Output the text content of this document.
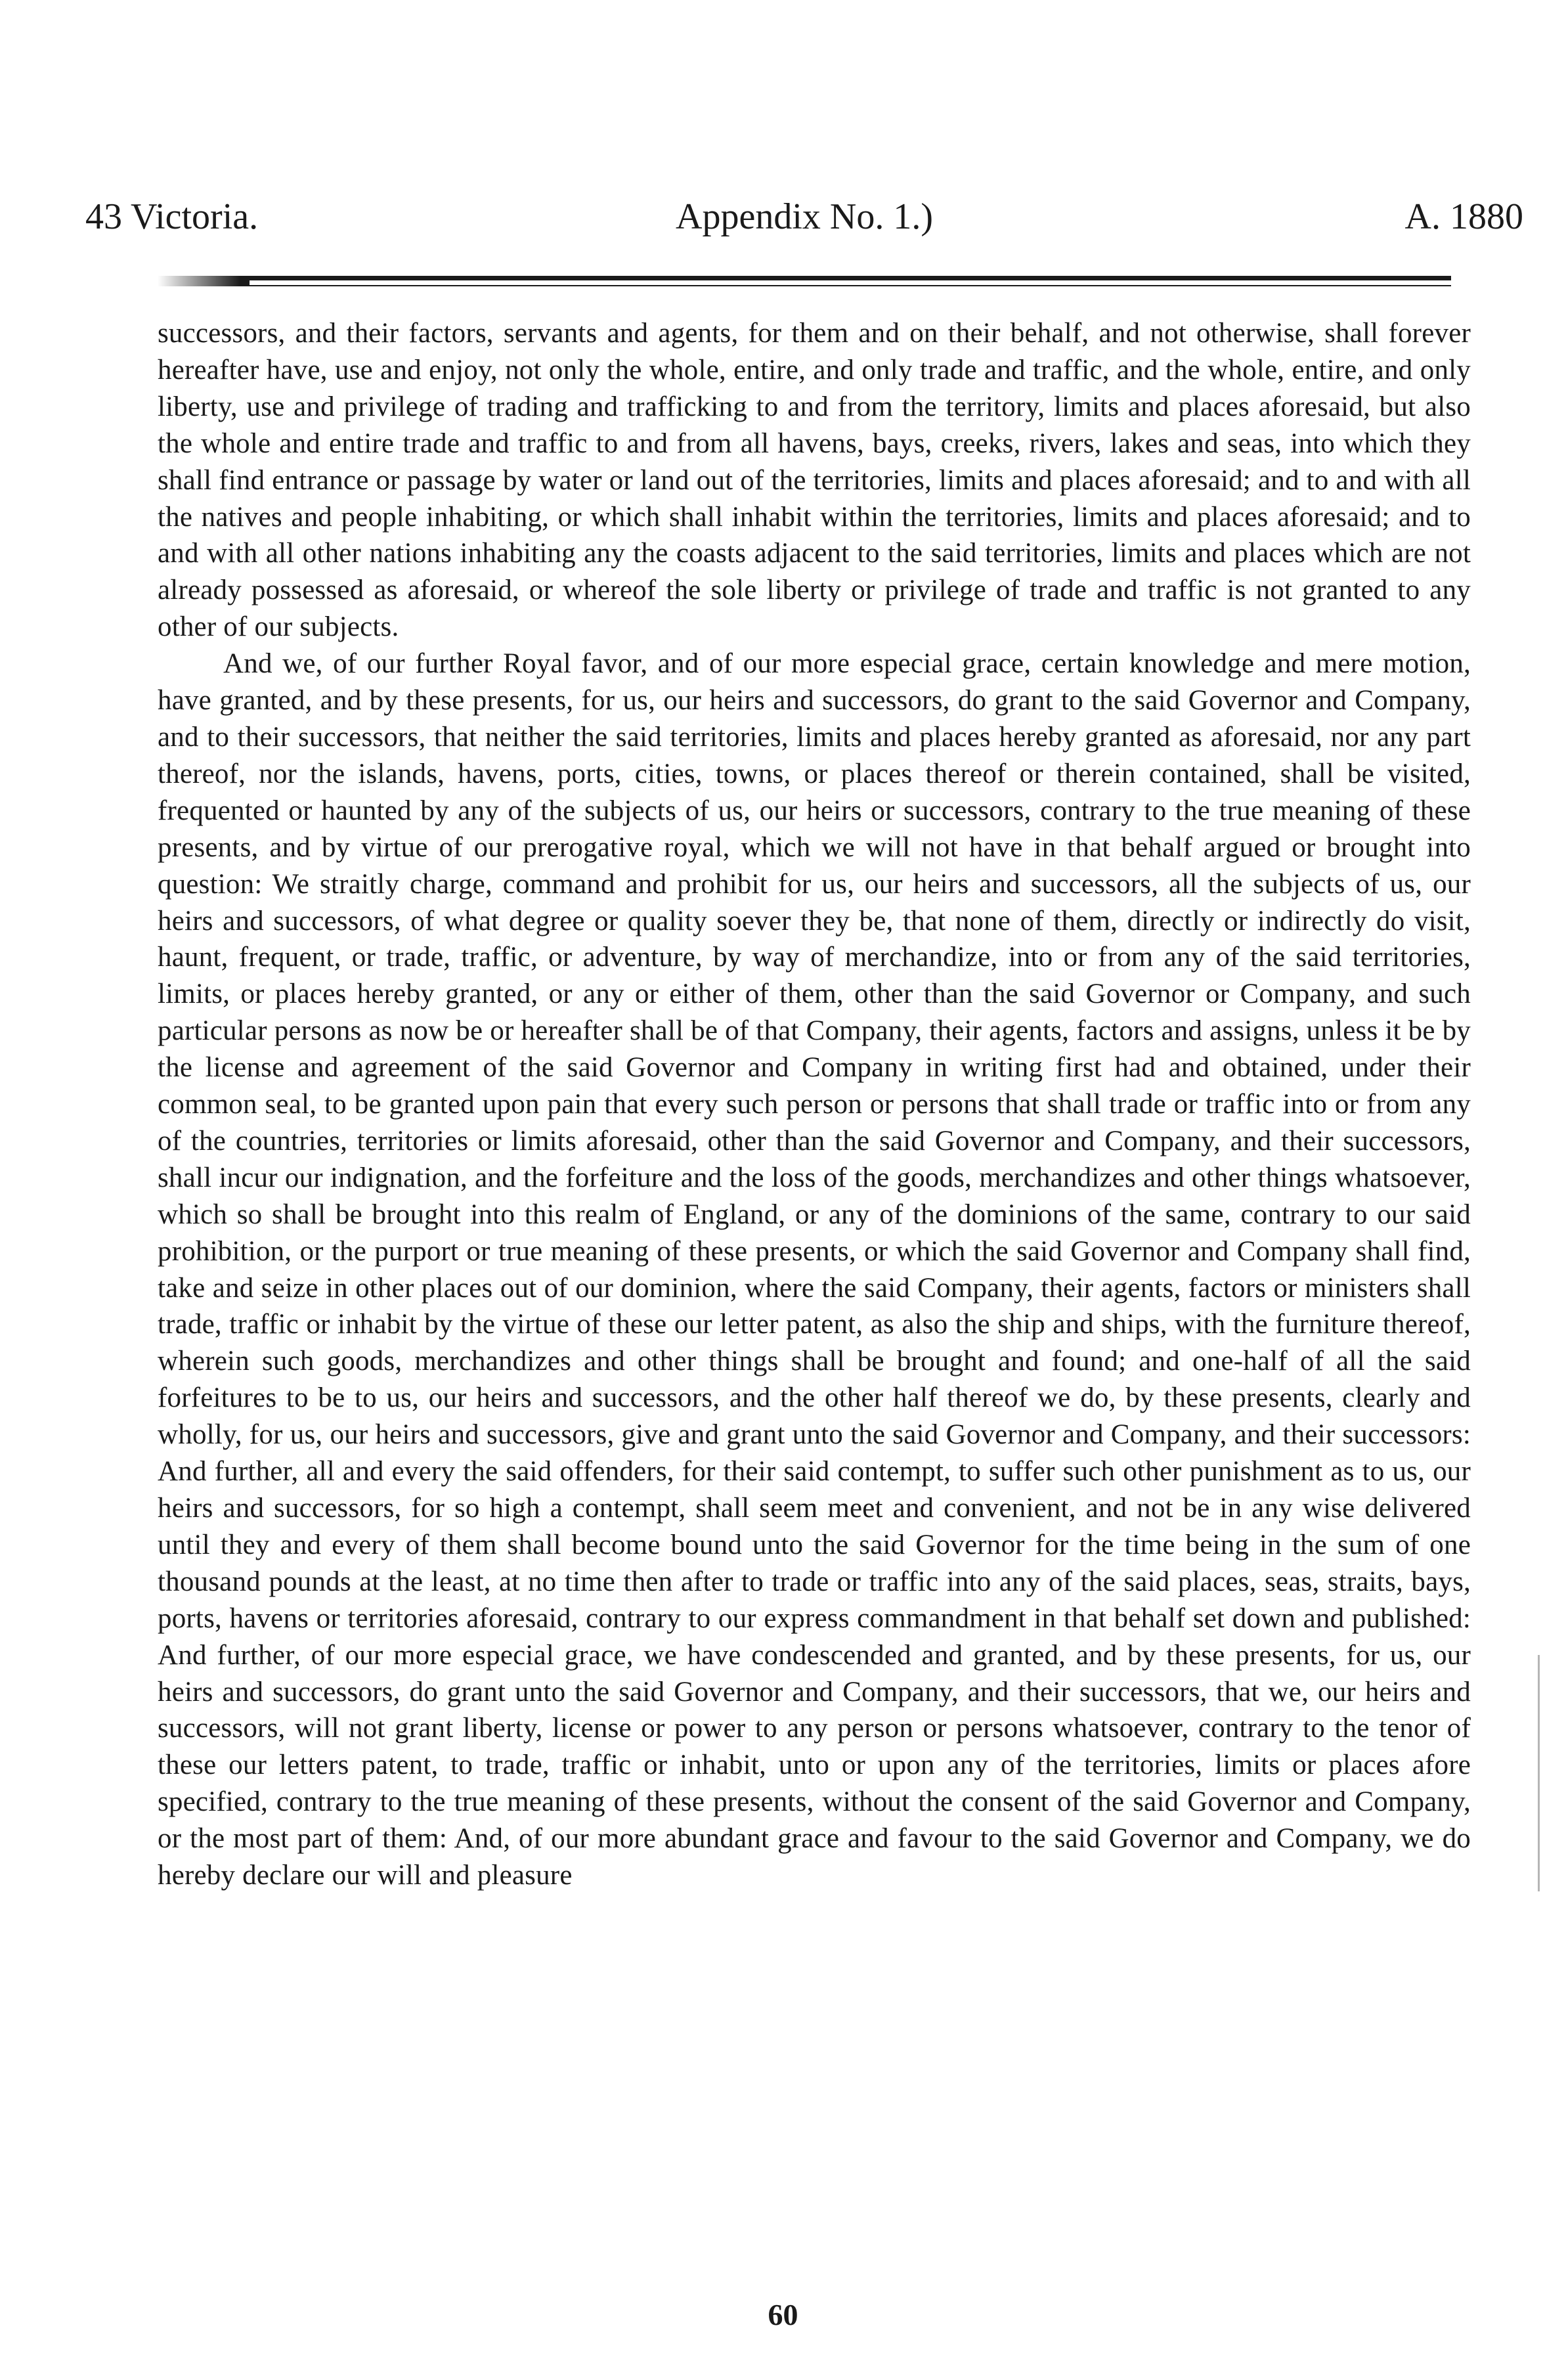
43 Victoria.	Appendix No. 1.)	A. 1880

successors, and their factors, servants and agents, for them and on their behalf, and not otherwise, shall forever hereafter have, use and enjoy, not only the whole, entire, and only trade and traffic, and the whole, entire, and only liberty, use and privilege of trading and trafficking to and from the territory, limits and places aforesaid, but also the whole and entire trade and traffic to and from all havens, bays, creeks, rivers, lakes and seas, into which they shall find entrance or passage by water or land out of the territories, limits and places aforesaid; and to and with all the natives and people inhabiting, or which shall inhabit within the territories, limits and places aforesaid; and to and with all other nations inhabiting any the coasts adjacent to the said territories, limits and places which are not already possessed as aforesaid, or whereof the sole liberty or privilege of trade and traffic is not granted to any other of our subjects.

And we, of our further Royal favor, and of our more especial grace, certain knowledge and mere motion, have granted, and by these presents, for us, our heirs and successors, do grant to the said Governor and Company, and to their successors, that neither the said territories, limits and places hereby granted as aforesaid, nor any part thereof, nor the islands, havens, ports, cities, towns, or places thereof or therein contained, shall be visited, frequented or haunted by any of the subjects of us, our heirs or successors, contrary to the true meaning of these presents, and by virtue of our prerogative royal, which we will not have in that behalf argued or brought into question: We straitly charge, command and prohibit for us, our heirs and successors, all the subjects of us, our heirs and successors, of what degree or quality soever they be, that none of them, directly or indirectly do visit, haunt, frequent, or trade, traffic, or adventure, by way of merchandize, into or from any of the said territories, limits, or places hereby granted, or any or either of them, other than the said Governor or Company, and such particular persons as now be or hereafter shall be of that Company, their agents, factors and assigns, unless it be by the license and agreement of the said Governor and Company in writing first had and obtained, under their common seal, to be granted upon pain that every such person or persons that shall trade or traffic into or from any of the countries, territories or limits aforesaid, other than the said Governor and Company, and their successors, shall incur our indignation, and the forfeiture and the loss of the goods, merchandizes and other things whatsoever, which so shall be brought into this realm of England, or any of the dominions of the same, contrary to our said prohibition, or the purport or true meaning of these presents, or which the said Governor and Company shall find, take and seize in other places out of our dominion, where the said Company, their agents, factors or ministers shall trade, traffic or inhabit by the virtue of these our letter patent, as also the ship and ships, with the furniture thereof, wherein such goods, merchandizes and other things shall be brought and found; and one-half of all the said forfeitures to be to us, our heirs and successors, and the other half thereof we do, by these presents, clearly and wholly, for us, our heirs and successors, give and grant unto the said Governor and Company, and their successors: And further, all and every the said offenders, for their said contempt, to suffer such other punishment as to us, our heirs and successors, for so high a contempt, shall seem meet and convenient, and not be in any wise delivered until they and every of them shall become bound unto the said Governor for the time being in the sum of one thousand pounds at the least, at no time then after to trade or traffic into any of the said places, seas, straits, bays, ports, havens or territories aforesaid, contrary to our express commandment in that behalf set down and published: And further, of our more especial grace, we have condescended and granted, and by these presents, for us, our heirs and successors, do grant unto the said Governor and Company, and their successors, that we, our heirs and successors, will not grant liberty, license or power to any person or persons whatsoever, contrary to the tenor of these our letters patent, to trade, traffic or inhabit, unto or upon any of the territories, limits or places afore specified, contrary to the true meaning of these presents, without the consent of the said Governor and Company, or the most part of them: And, of our more abundant grace and favour to the said Governor and Company, we do hereby declare our will and pleasure

60
